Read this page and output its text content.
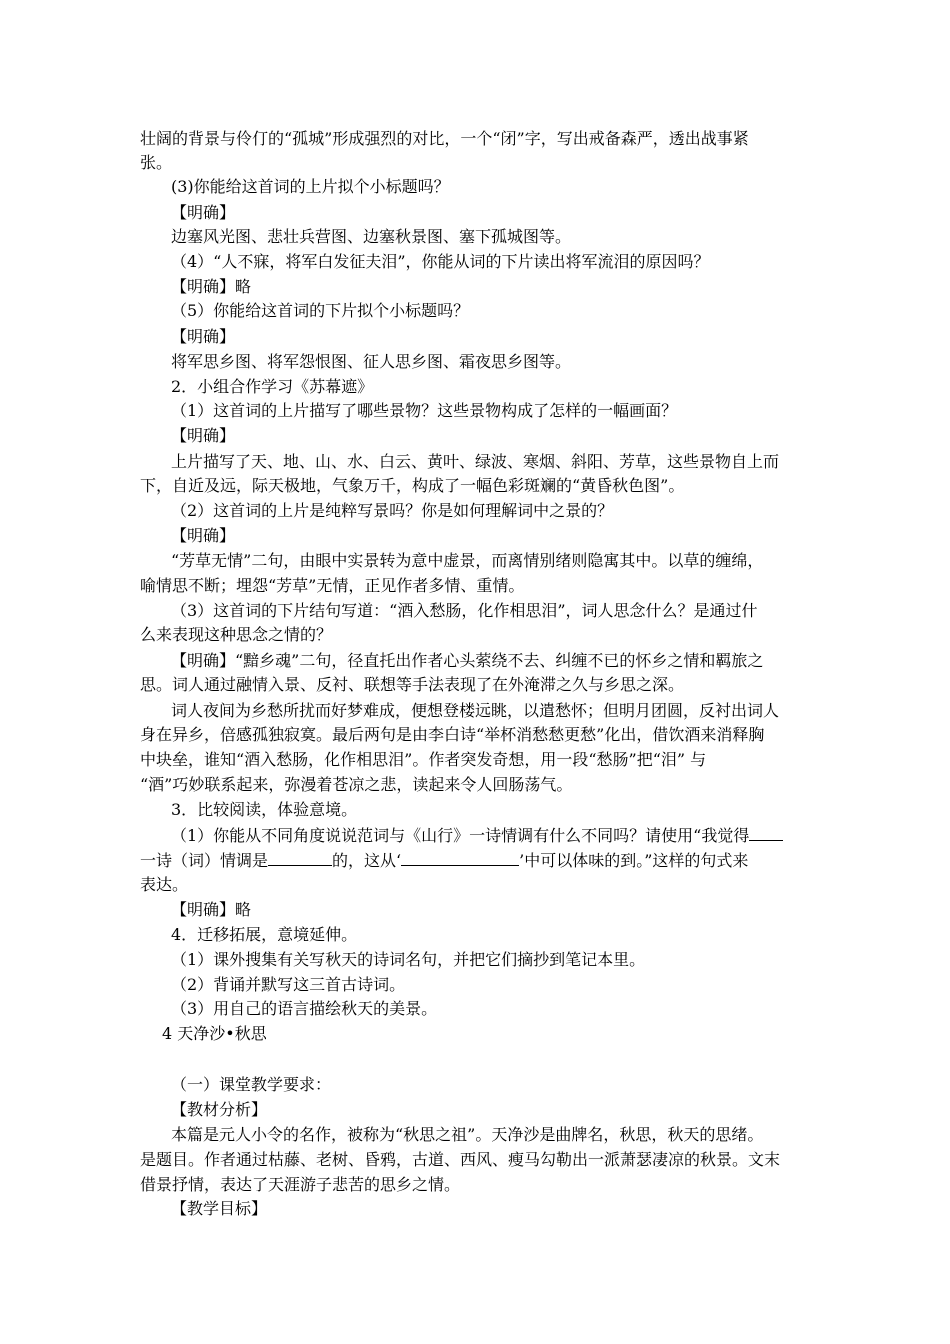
壮阔的背景与伶仃的“孤城”形成强烈的对比，一个“闭”字，写出戒备森严，透出战事紧
张。
(3)你能给这首词的上片拟个小标题吗？
【明确】
边塞风光图、悲壮兵营图、边塞秋景图、塞下孤城图等。
（4）“人不寐，将军白发征夫泪”，你能从词的下片读出将军流泪的原因吗？
【明确】略
（5）你能给这首词的下片拟个小标题吗？
【明确】
将军思乡图、将军怨恨图、征人思乡图、霜夜思乡图等。
2．小组合作学习《苏幕遮》
（1）这首词的上片描写了哪些景物？这些景物构成了怎样的一幅画面？
【明确】
上片描写了天、地、山、水、白云、黄叶、绿波、寒烟、斜阳、芳草，这些景物自上而
下，自近及远，际天极地，气象万千，构成了一幅色彩斑斓的“黄昏秋色图”。
（2）这首词的上片是纯粹写景吗？你是如何理解词中之景的？
【明确】
“芳草无情”二句，由眼中实景转为意中虚景，而离情别绪则隐寓其中。以草的缠绵，
喻情思不断；埋怨“芳草”无情，正见作者多情、重情。
（3）这首词的下片结句写道：“酒入愁肠，化作相思泪”，词人思念什么？是通过什
么来表现这种思念之情的？
【明确】“黯乡魂”二句，径直托出作者心头萦绕不去、纠缠不已的怀乡之情和羁旅之
思。词人通过融情入景、反衬、联想等手法表现了在外淹滞之久与乡思之深。
词人夜间为乡愁所扰而好梦难成，便想登楼远眺，以遣愁怀；但明月团圆，反衬出词人
身在异乡，倍感孤独寂寞。最后两句是由李白诗“举杯消愁愁更愁”化出，借饮酒来消释胸
中块垒，谁知“酒入愁肠，化作相思泪”。作者突发奇想，用一段“愁肠”把“泪” 与
“酒”巧妙联系起来，弥漫着苍凉之悲，读起来令人回肠荡气。
3．比较阅读，体验意境。
（1）你能从不同角度说说范词与《山行》一诗情调有什么不同吗？请使用“我觉得
一诗（词）情调是	的，这从‘	’中可以体味的到。”这样的句式来
表达。
【明确】略
4．迁移拓展，意境延伸。
（1）课外搜集有关写秋天的诗词名句，并把它们摘抄到笔记本里。
（2）背诵并默写这三首古诗词。
（3）用自己的语言描绘秋天的美景。
4 天净沙•秋思
（一）课堂教学要求：
【教材分析】
本篇是元人小令的名作，被称为“秋思之祖”。天净沙是曲牌名，秋思，秋天的思绪。
是题目。作者通过枯藤、老树、昏鸦，古道、西风、瘦马勾勒出一派萧瑟凄凉的秋景。文末
借景抒情，表达了天涯游子悲苦的思乡之情。
【教学目标】
